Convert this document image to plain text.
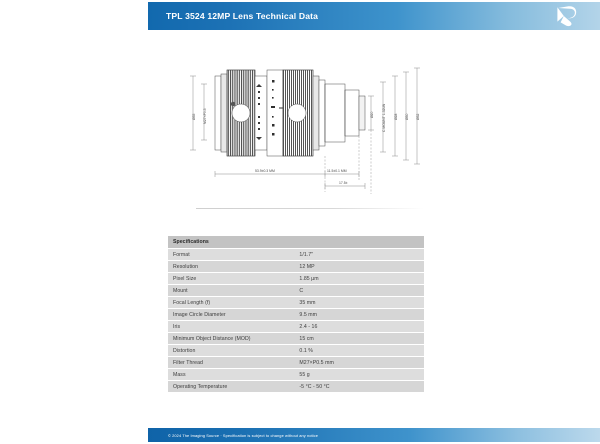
TPL 3524 12MP Lens Technical Data
Ø35 M27×P0.5	Ø20 C MOUNT 1-32UN Ø28 Ø30 Ø32
53.9±0.3 MM	11.5±0.1 MM
17.5±
Specifications	
Format	1/1.7"
Resolution	12 MP
Pixel Size	1.85 µm
Mount	C
Focal Length (f)	35 mm
Image Circle Diameter	9.5 mm
Iris	2.4 - 16
Minimum Object Distance (MOD)	15 cm
Distortion	0.1 %
Filter Thread	M27×P0.5 mm
Mass	55 g
Operating Temperature	-5 °C - 50 °C
© 2024 The Imaging Source · Specification is subject to change without any notice
